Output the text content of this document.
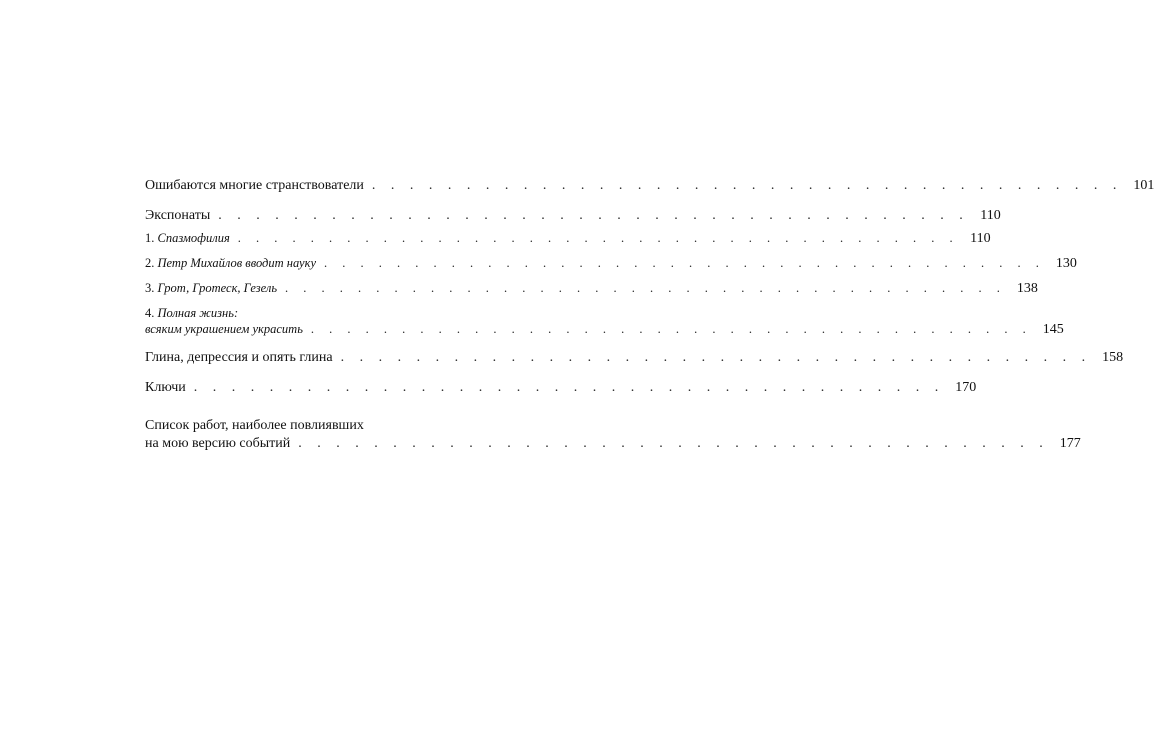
Ошибаются многие странствователи . . . . . . . . . . . . . . . . . . . . . . . . . . . . . . . . . . . . . . . . 101
Экспонаты . . . . . . . . . . . . . . . . . . . . . . . . . . . . . . . . . . . . . . . . 110
1. Спазмофилия . . . . . . . . . . . . . . . . . . . . . . . . . . . . . . . . . . . . . . . . 110
2. Петр Михайлов вводит науку . . . . . . . . . . . . . . . . . . . . . . . . . . . . . . . . . . . . . . . . 130
3. Грот, Гротеск, Гезель . . . . . . . . . . . . . . . . . . . . . . . . . . . . . . . . . . . . . . . . 138
4. Полная жизнь:
всяким украшением украсить . . . . . . . . . . . . . . . . . . . . . . . . . . . . . . . . . . . . . . . . 145
Глина, депрессия и опять глина . . . . . . . . . . . . . . . . . . . . . . . . . . . . . . . . . . . . . . . . 158
Ключи . . . . . . . . . . . . . . . . . . . . . . . . . . . . . . . . . . . . . . . . 170
Список работ, наиболее повлиявших
на мою версию событий . . . . . . . . . . . . . . . . . . . . . . . . . . . . . . . . . . . . . . . . 177
